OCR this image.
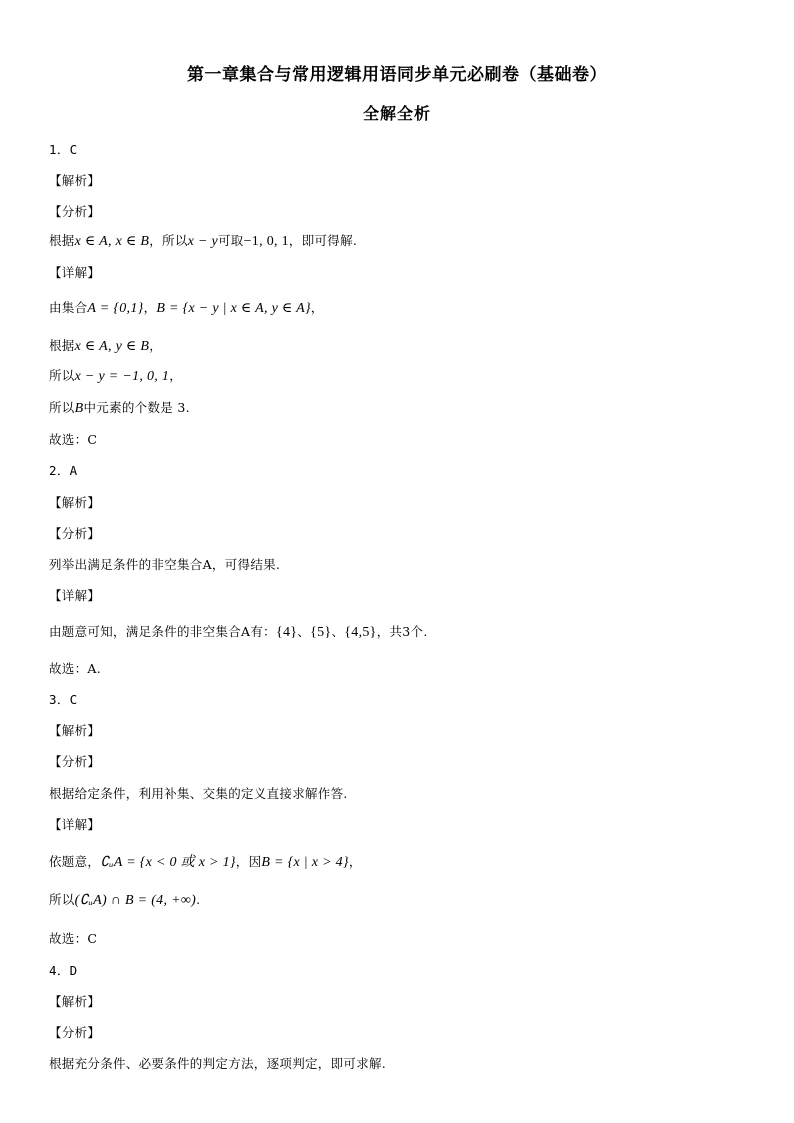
第一章集合与常用逻辑用语同步单元必刷卷（基础卷）
全解全析
1．C
【解析】
【分析】
根据x ∈ A, x ∈ B，所以x − y可取−1, 0, 1，即可得解.
【详解】
由集合A = {0,1}，B = {x − y | x ∈ A, y ∈ A}，
根据x ∈ A, y ∈ B，
所以x − y = −1, 0, 1，
所以B中元素的个数是 3.
故选：C
2．A
【解析】
【分析】
列举出满足条件的非空集合A，可得结果.
【详解】
由题意可知，满足条件的非空集合A有：{4}、{5}、{4,5}，共3个.
故选：A.
3．C
【解析】
【分析】
根据给定条件，利用补集、交集的定义直接求解作答.
【详解】
依题意，∁ᵤA = {x < 0 或 x > 1}，因B = {x | x > 4}，
所以(∁ᵤA) ∩ B = (4, +∞).
故选：C
4．D
【解析】
【分析】
根据充分条件、必要条件的判定方法，逐项判定，即可求解.
